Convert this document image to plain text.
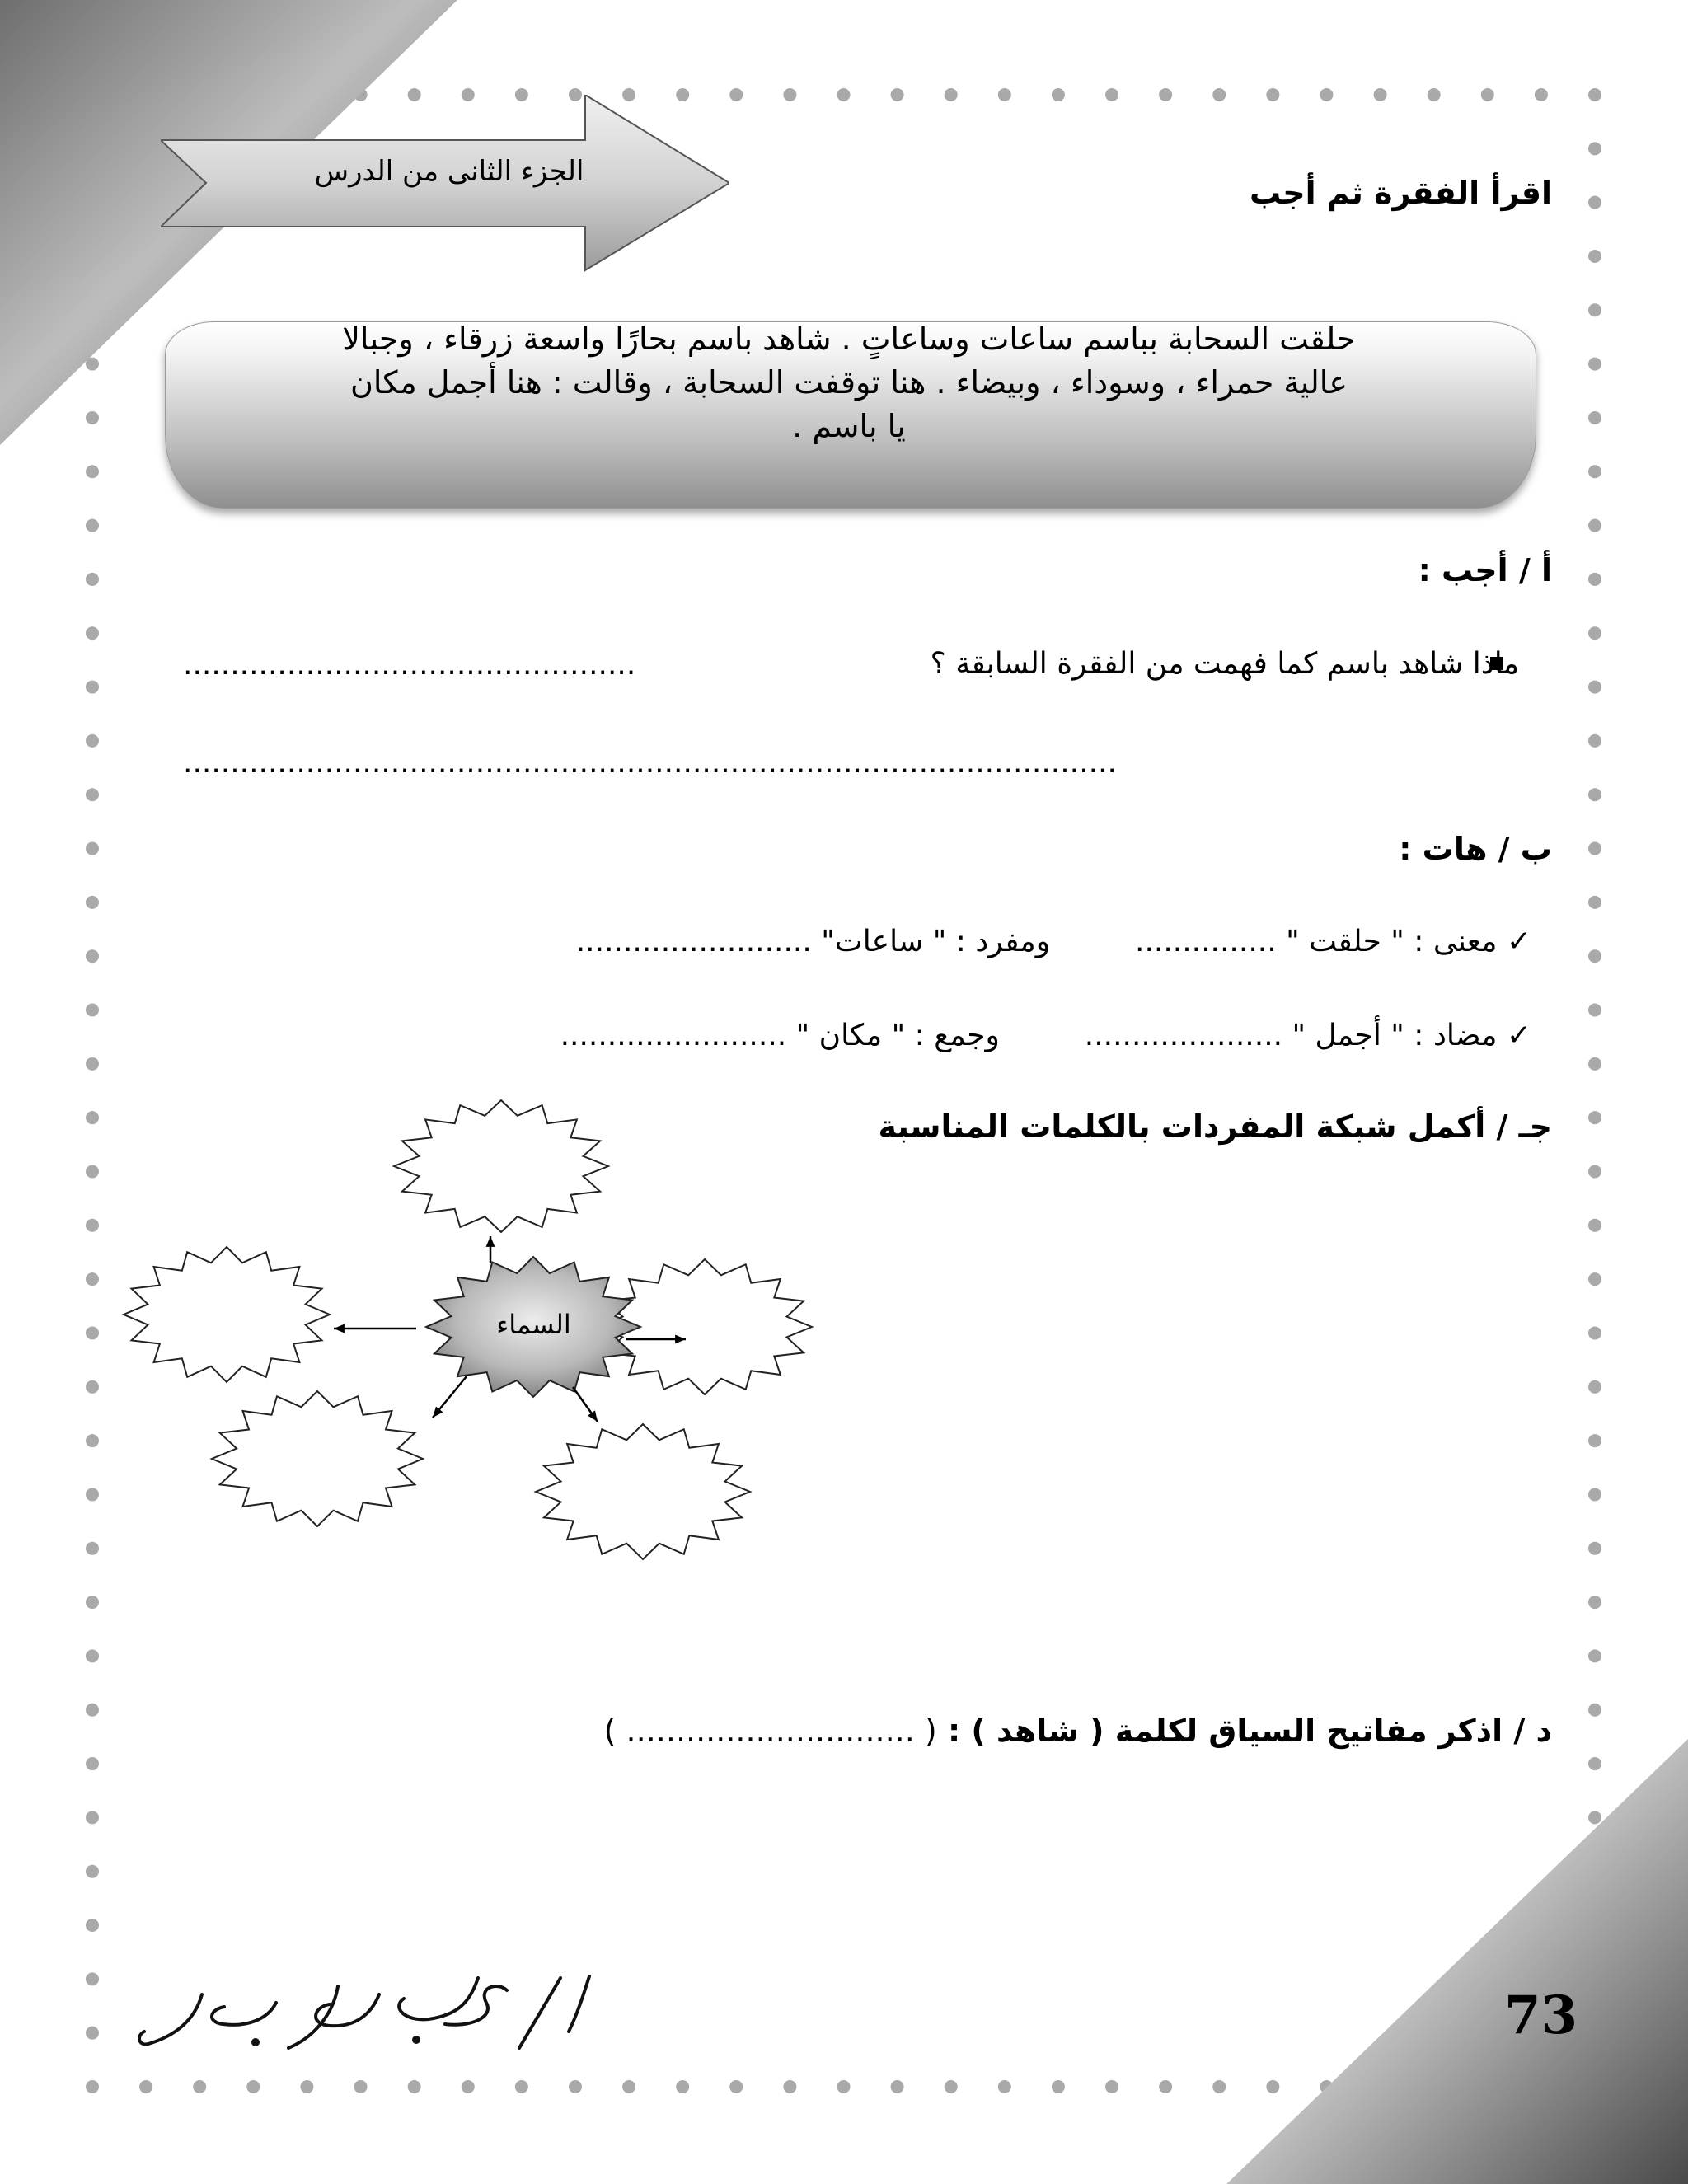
الجزء الثانى من الدرس
اقرأ الفقرة ثم أجب
حلقت السحابة بباسم ساعات وساعاتٍ . شاهد باسم بحارًا واسعة زرقاء ، وجبالا
عالية حمراء ، وسوداء ، وبيضاء . هنا توقفت السحابة ، وقالت : هنا أجمل مكان
يا باسم .
أ / أجب :
ماذا شاهد باسم كما فهمت من الفقرة السابقة ؟
................................................
...................................................................................................
ب / هات :
✓ معنى : " حلقت " ...............  ومفرد : " ساعات" .........................
✓ مضاد : " أجمل " .....................  وجمع : " مكان " ........................
جـ / أكمل شبكة المفردات بالكلمات المناسبة
السماء
د / اذكر مفاتيح السياق لكلمة ( شاهد ) : ( ............................. )
73
